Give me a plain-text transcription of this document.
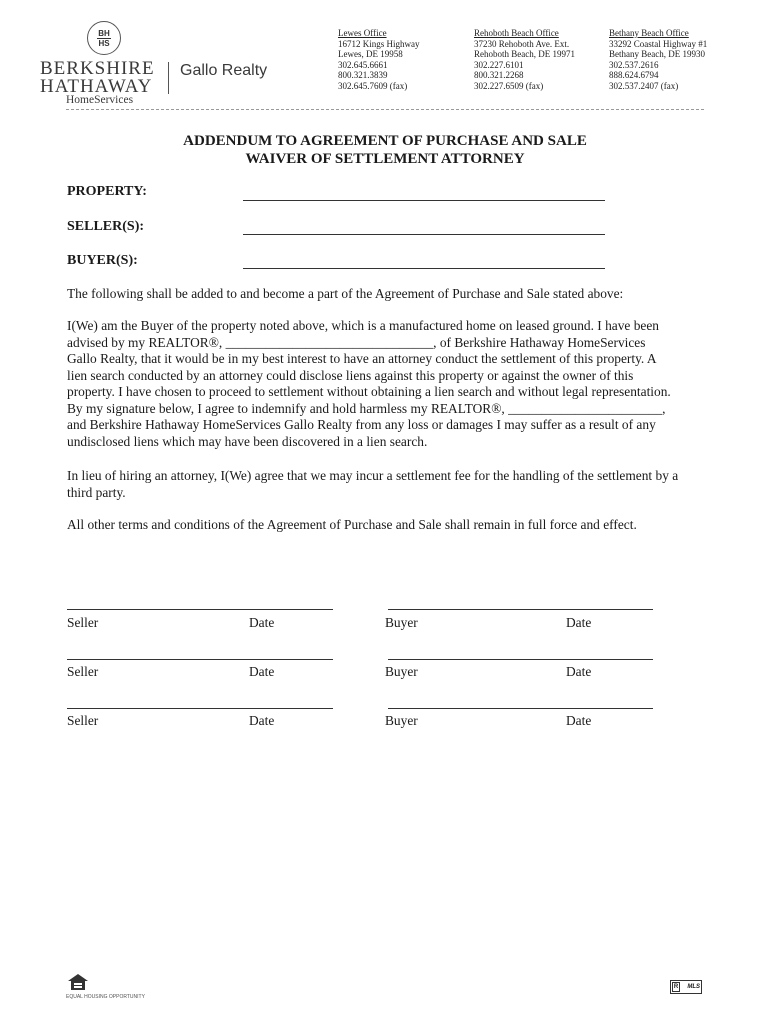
BH
HS
BERKSHIRE
HATHAWAY
HomeServices
Gallo Realty
Lewes Office
16712 Kings Highway
Lewes, DE 19958
302.645.6661
800.321.3839
302.645.7609 (fax)
Rehoboth Beach Office
37230 Rehoboth Ave. Ext.
Rehoboth Beach, DE 19971
302.227.6101
800.321.2268
302.227.6509 (fax)
Bethany Beach Office
33292 Coastal Highway #1
Bethany Beach, DE 19930
302.537.2616
888.624.6794
302.537.2407 (fax)
ADDENDUM TO AGREEMENT OF PURCHASE AND SALE
WAIVER OF SETTLEMENT ATTORNEY
PROPERTY:
SELLER(S):
BUYER(S):
The following shall be added to and become a part of the Agreement of Purchase and Sale stated above:
I(We) am the Buyer of the property noted above, which is a manufactured home on leased ground. I have been
advised by my REALTOR®, _______________________________, of Berkshire Hathaway HomeServices
Gallo Realty, that it would be in my best interest to have an attorney conduct the settlement of this property. A
lien search conducted by an attorney could disclose liens against this property or against the owner of this
property. I have chosen to proceed to settlement without obtaining a lien search and without legal representation.
By my signature below, I agree to indemnify and hold harmless my REALTOR®, _______________________,
and Berkshire Hathaway HomeServices Gallo Realty from any loss or damages I may suffer as a result of any
undisclosed liens which may have been discovered in a lien search.
In lieu of hiring an attorney, I(We) agree that we may incur a settlement fee for the handling of the settlement by a
third party.
All other terms and conditions of the Agreement of Purchase and Sale shall remain in full force and effect.
Seller	Date	Buyer	Date
Seller	Date	Buyer	Date
Seller	Date	Buyer	Date
EQUAL HOUSING OPPORTUNITY
R	MLS
